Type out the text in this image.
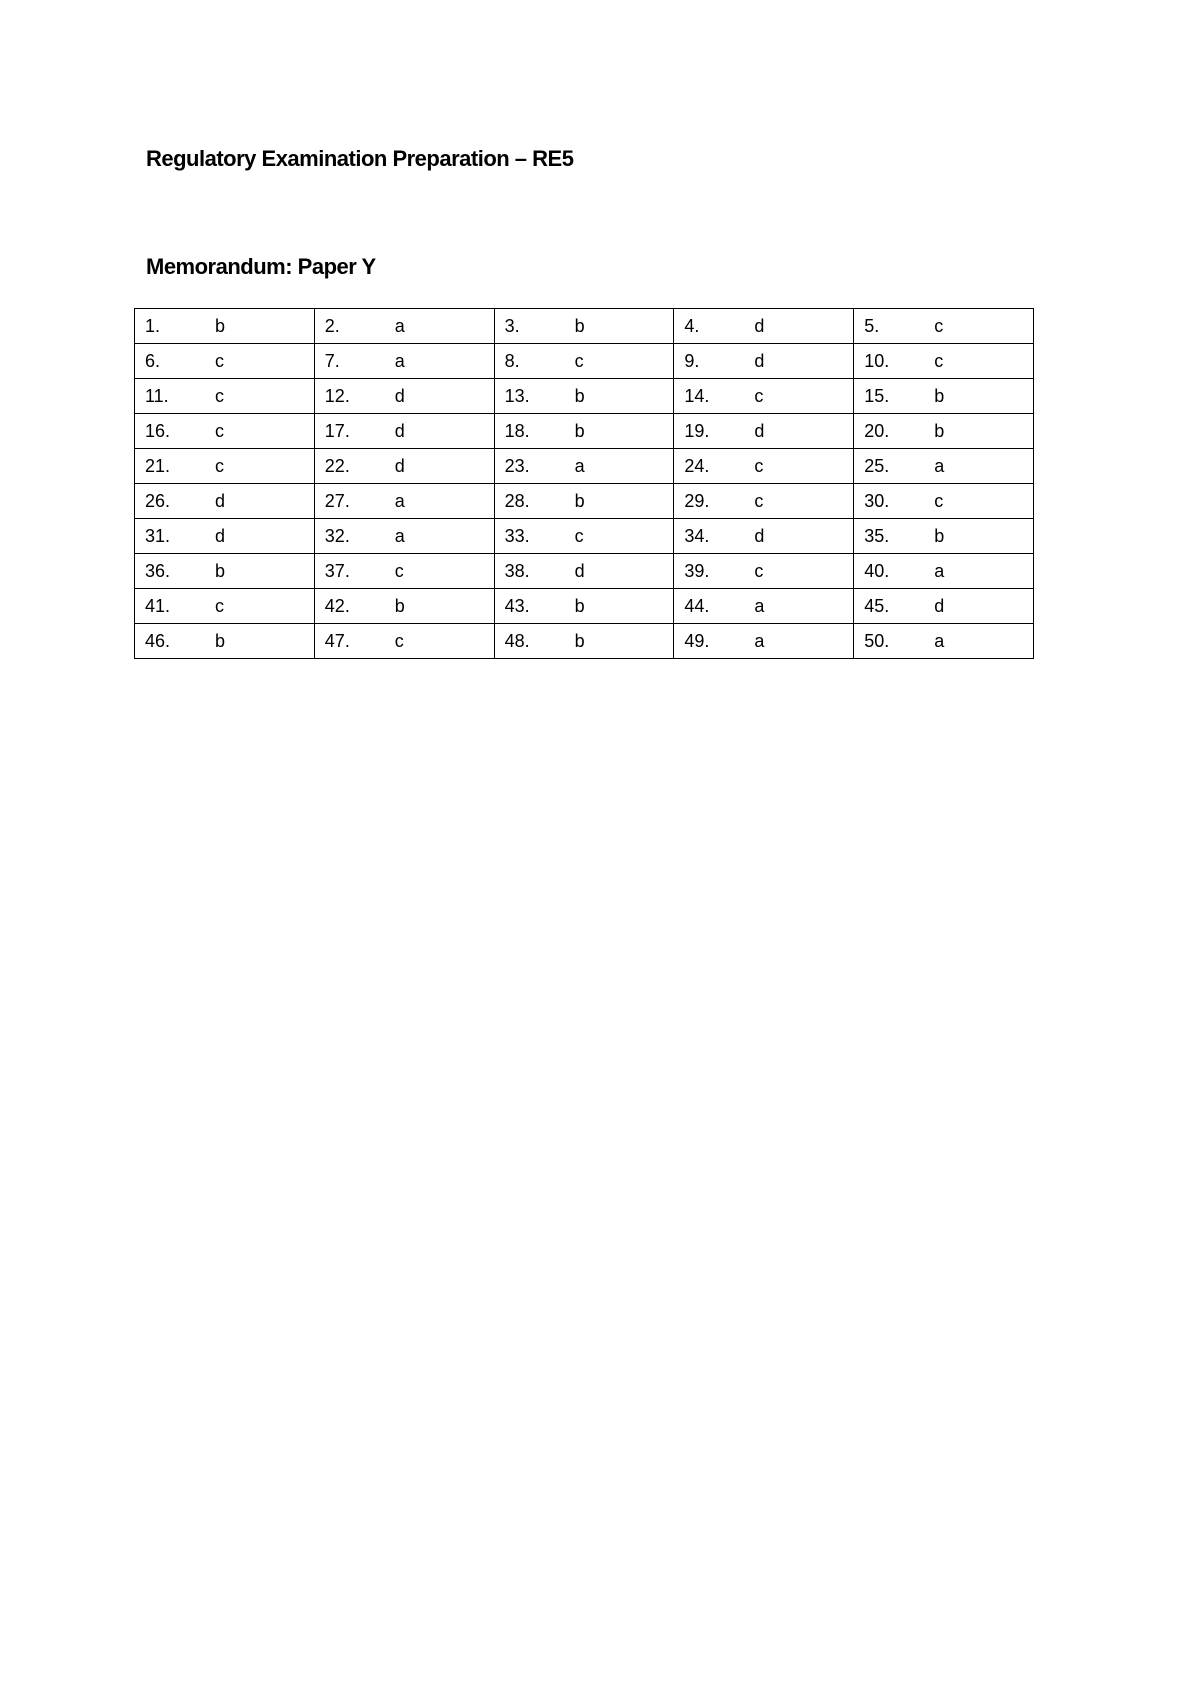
Regulatory Examination Preparation – RE5
Memorandum: Paper Y
1. b	2. a	3. b	4. d	5. c
6. c	7. a	8. c	9. d	10. c
11. c	12. d	13. b	14. c	15. b
16. c	17. d	18. b	19. d	20. b
21. c	22. d	23. a	24. c	25. a
26. d	27. a	28. b	29. c	30. c
31. d	32. a	33. c	34. d	35. b
36. b	37. c	38. d	39. c	40. a
41. c	42. b	43. b	44. a	45. d
46. b	47. c	48. b	49. a	50. a
